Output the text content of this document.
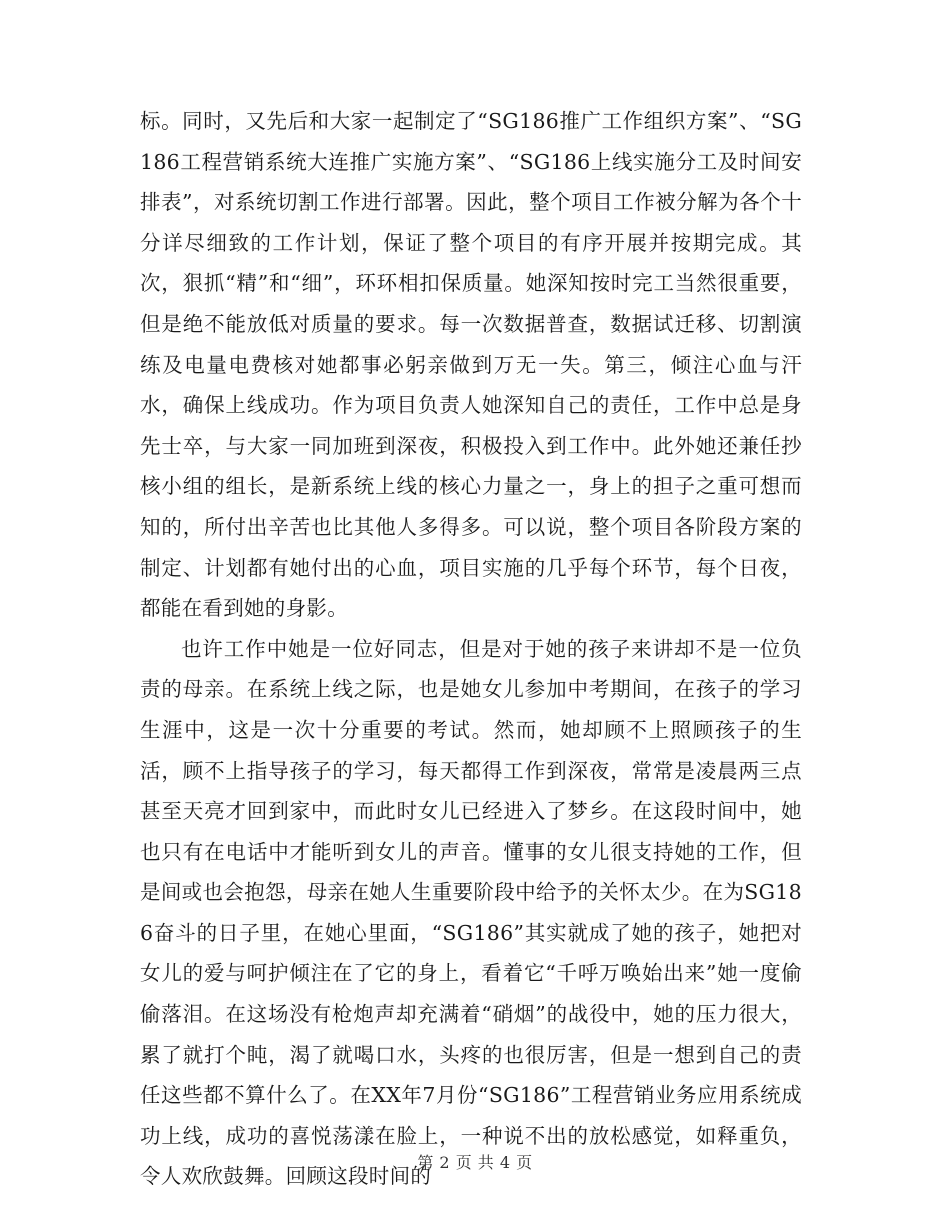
标。同时，又先后和大家一起制定了“SG186推广工作组织方案”、“SG186工程营销系统大连推广实施方案”、“SG186上线实施分工及时间安排表”，对系统切割工作进行部署。因此，整个项目工作被分解为各个十分详尽细致的工作计划，保证了整个项目的有序开展并按期完成。其次，狠抓“精”和“细”，环环相扣保质量。她深知按时完工当然很重要，但是绝不能放低对质量的要求。每一次数据普查，数据试迁移、切割演练及电量电费核对她都事必躬亲做到万无一失。第三，倾注心血与汗水，确保上线成功。作为项目负责人她深知自己的责任，工作中总是身先士卒，与大家一同加班到深夜，积极投入到工作中。此外她还兼任抄核小组的组长，是新系统上线的核心力量之一，身上的担子之重可想而知的，所付出辛苦也比其他人多得多。可以说，整个项目各阶段方案的制定、计划都有她付出的心血，项目实施的几乎每个环节，每个日夜，都能在看到她的身影。

也许工作中她是一位好同志，但是对于她的孩子来讲却不是一位负责的母亲。在系统上线之际，也是她女儿参加中考期间，在孩子的学习生涯中，这是一次十分重要的考试。然而，她却顾不上照顾孩子的生活，顾不上指导孩子的学习，每天都得工作到深夜，常常是凌晨两三点甚至天亮才回到家中，而此时女儿已经进入了梦乡。在这段时间中，她也只有在电话中才能听到女儿的声音。懂事的女儿很支持她的工作，但是间或也会抱怨，母亲在她人生重要阶段中给予的关怀太少。在为SG186奋斗的日子里，在她心里面，“SG186”其实就成了她的孩子，她把对女儿的爱与呵护倾注在了它的身上，看着它“千呼万唤始出来”她一度偷偷落泪。在这场没有枪炮声却充满着“硝烟”的战役中，她的压力很大，累了就打个盹，渴了就喝口水，头疼的也很厉害，但是一想到自己的责任这些都不算什么了。在XX年7月份“SG186”工程营销业务应用系统成功上线，成功的喜悦荡漾在脸上，一种说不出的放松感觉，如释重负，令人欢欣鼓舞。回顾这段时间的

第 2 页 共 4 页
